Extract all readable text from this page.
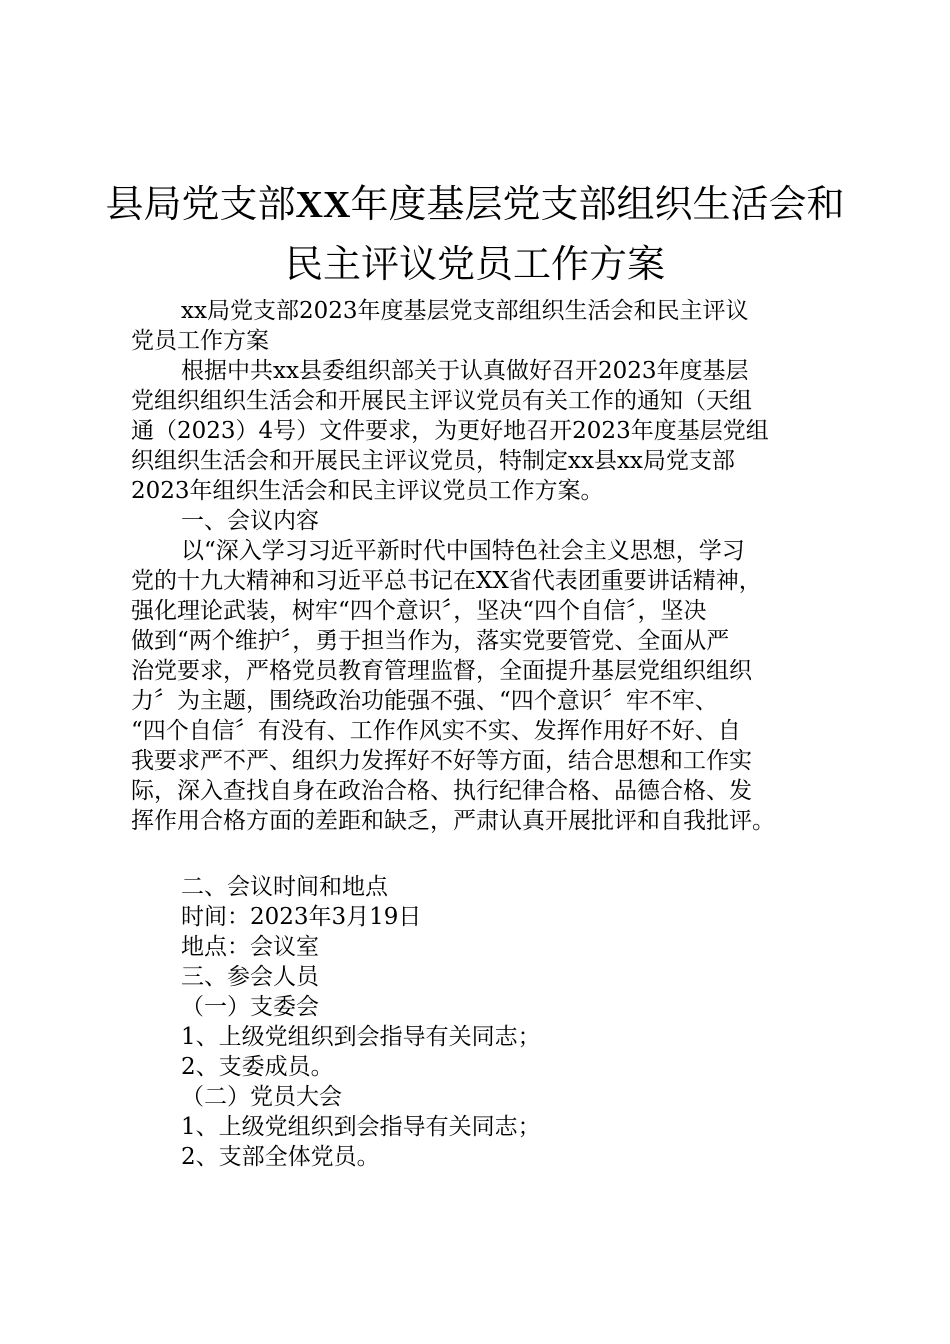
县局党支部XX年度基层党支部组织生活会和
民主评议党员工作方案
xx局党支部2023年度基层党支部组织生活会和民主评议
党员工作方案
根据中共xx县委组织部关于认真做好召开2023年度基层
党组织组织生活会和开展民主评议党员有关工作的通知（天组
通（2023）4号）文件要求，为更好地召开2023年度基层党组
织组织生活会和开展民主评议党员，特制定xx县xx局党支部
2023年组织生活会和民主评议党员工作方案。
一、会议内容
以“深入学习习近平新时代中国特色社会主义思想，学习
党的十九大精神和习近平总书记在XX省代表团重要讲话精神，
强化理论武装，树牢“四个意识〞，坚决“四个自信〞，坚决
做到“两个维护〞，勇于担当作为，落实党要管党、全面从严
治党要求，严格党员教育管理监督，全面提升基层党组织组织
力〞为主题，围绕政治功能强不强、“四个意识〞牢不牢、
“四个自信〞有没有、工作作风实不实、发挥作用好不好、自
我要求严不严、组织力发挥好不好等方面，结合思想和工作实
际，深入查找自身在政治合格、执行纪律合格、品德合格、发
挥作用合格方面的差距和缺乏，严肃认真开展批评和自我批评。
二、会议时间和地点
时间：2023年3月19日
地点：会议室
三、参会人员
（一）支委会
1、上级党组织到会指导有关同志；
2、支委成员。
（二）党员大会
1、上级党组织到会指导有关同志；
2、支部全体党员。
